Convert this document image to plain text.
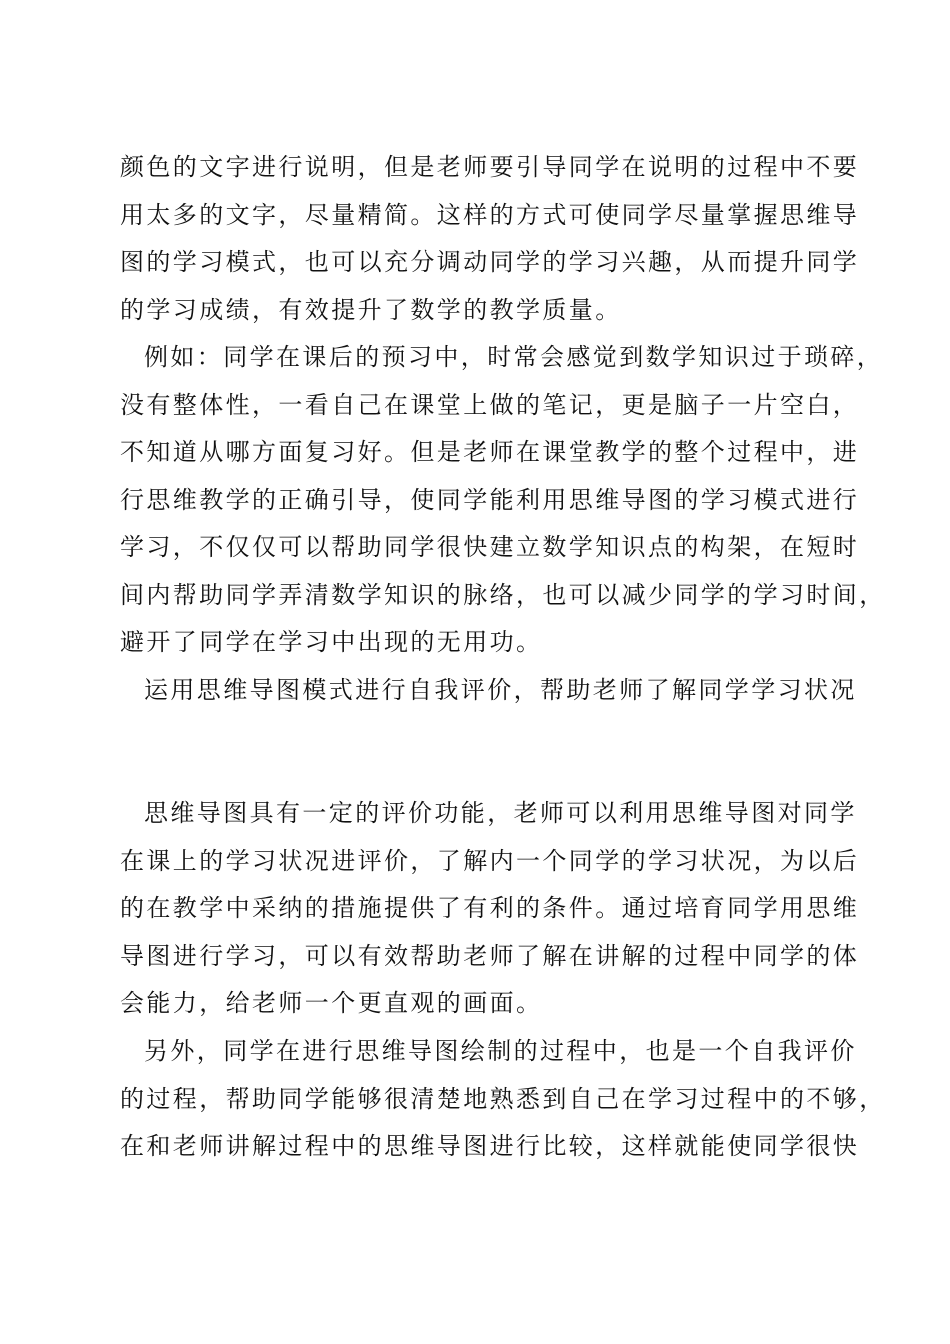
颜色的文字进行说明，但是老师要引导同学在说明的过程中不要
用太多的文字，尽量精简。这样的方式可使同学尽量掌握思维导
图的学习模式，也可以充分调动同学的学习兴趣，从而提升同学
的学习成绩，有效提升了数学的教学质量。
例如：同学在课后的预习中，时常会感觉到数学知识过于琐碎，
没有整体性，一看自己在课堂上做的笔记，更是脑子一片空白，
不知道从哪方面复习好。但是老师在课堂教学的整个过程中，进
行思维教学的正确引导，使同学能利用思维导图的学习模式进行
学习，不仅仅可以帮助同学很快建立数学知识点的构架，在短时
间内帮助同学弄清数学知识的脉络，也可以减少同学的学习时间，
避开了同学在学习中出现的无用功。
运用思维导图模式进行自我评价，帮助老师了解同学学习状况
思维导图具有一定的评价功能，老师可以利用思维导图对同学
在课上的学习状况进评价，了解内一个同学的学习状况，为以后
的在教学中采纳的措施提供了有利的条件。通过培育同学用思维
导图进行学习，可以有效帮助老师了解在讲解的过程中同学的体
会能力，给老师一个更直观的画面。
另外，同学在进行思维导图绘制的过程中，也是一个自我评价
的过程，帮助同学能够很清楚地熟悉到自己在学习过程中的不够，
在和老师讲解过程中的思维导图进行比较，这样就能使同学很快
